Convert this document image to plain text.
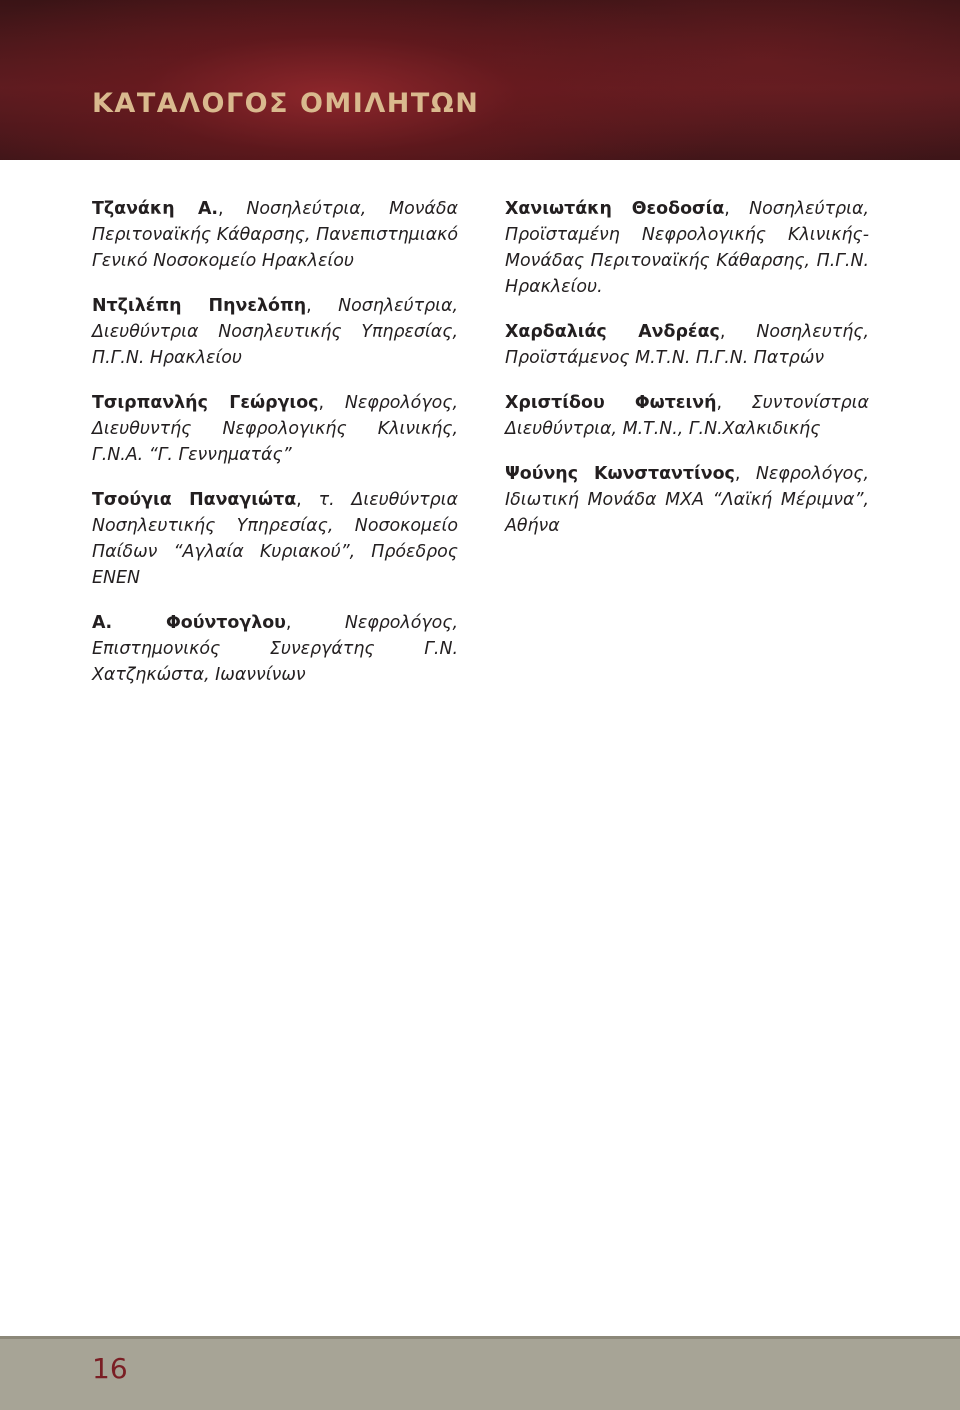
ΚΑΤΑΛΟΓΟΣ ΟΜΙΛΗΤΩΝ

Τζανάκη Α., Νοσηλεύτρια, Μονάδα Περιτοναϊκής Κάθαρσης, Πανεπιστημιακό Γενικό Νοσοκομείο Ηρακλείου

Ντζιλέπη Πηνελόπη, Νοσηλεύτρια, Διευθύντρια Νοσηλευτικής Υπηρεσίας, Π.Γ.Ν. Ηρακλείου

Τσιρπανλής Γεώργιος, Νεφρολόγος, Διευθυντής Νεφρολογικής Κλινικής, Γ.Ν.Α. “Γ. Γεννηματάς”

Τσούγια Παναγιώτα, τ. Διευθύντρια Νοσηλευτικής Υπηρεσίας, Νοσοκομείο Παίδων “Αγλαία Κυριακού”, Πρόεδρος ΕΝΕΝ

Α. Φούντογλου, Νεφρολόγος, Επιστημονικός Συνεργάτης Γ.Ν. Χατζηκώστα, Ιωαννίνων

Χανιωτάκη Θεοδοσία, Νοσηλεύτρια, Προϊσταμένη Νεφρολογικής Κλινικής- Μονάδας Περιτοναϊκής Κάθαρσης, Π.Γ.Ν. Ηρακλείου.

Χαρδαλιάς Ανδρέας, Νοσηλευτής, Προϊστάμενος Μ.Τ.Ν. Π.Γ.Ν. Πατρών

Χριστίδου Φωτεινή, Συντονίστρια Διευθύντρια, Μ.Τ.Ν., Γ.Ν.Χαλκιδικής

Ψούνης Κωνσταντίνος, Νεφρολόγος, Ιδιωτική Μονάδα ΜΧΑ “Λαϊκή Μέριμνα”, Αθήνα

16
